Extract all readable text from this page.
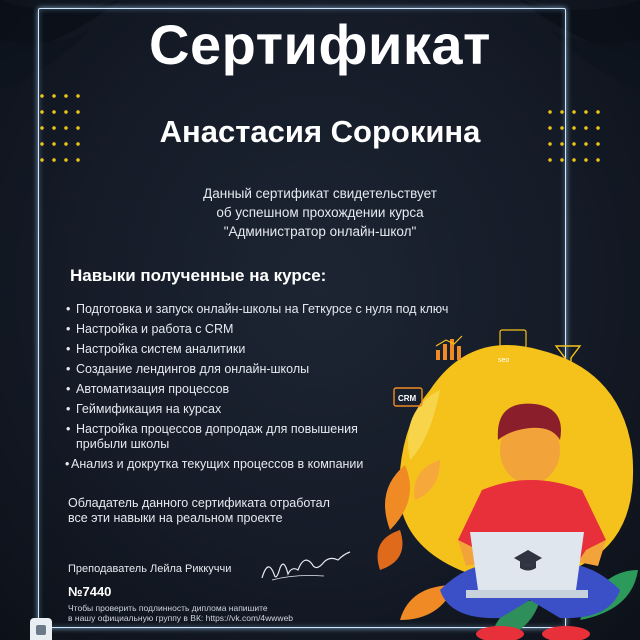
Сертификат
Анастасия Сорокина
Данный сертификат свидетельствует
об успешном прохождении курса
"Администратор онлайн-школ"
Навыки полученные на курсе:
• Подготовка и запуск онлайн-школы на Геткурсе с нуля под ключ
• Настройка и работа с CRM
• Настройка систем аналитики
• Создание лендингов для онлайн-школы
• Автоматизация процессов
• Геймификация на курсах
• Настройка процессов допродаж для повышения прибыли школы
• Анализ и докрутка текущих процессов в компании
Обладатель данного сертификата отработал
все эти навыки на реальном проекте
Преподаватель Лейла Риккуччи
№7440
Чтобы проверить подлинность диплома напишите
в нашу официальную группу в ВК: https://vk.com/4wwweb
seo
CRM
